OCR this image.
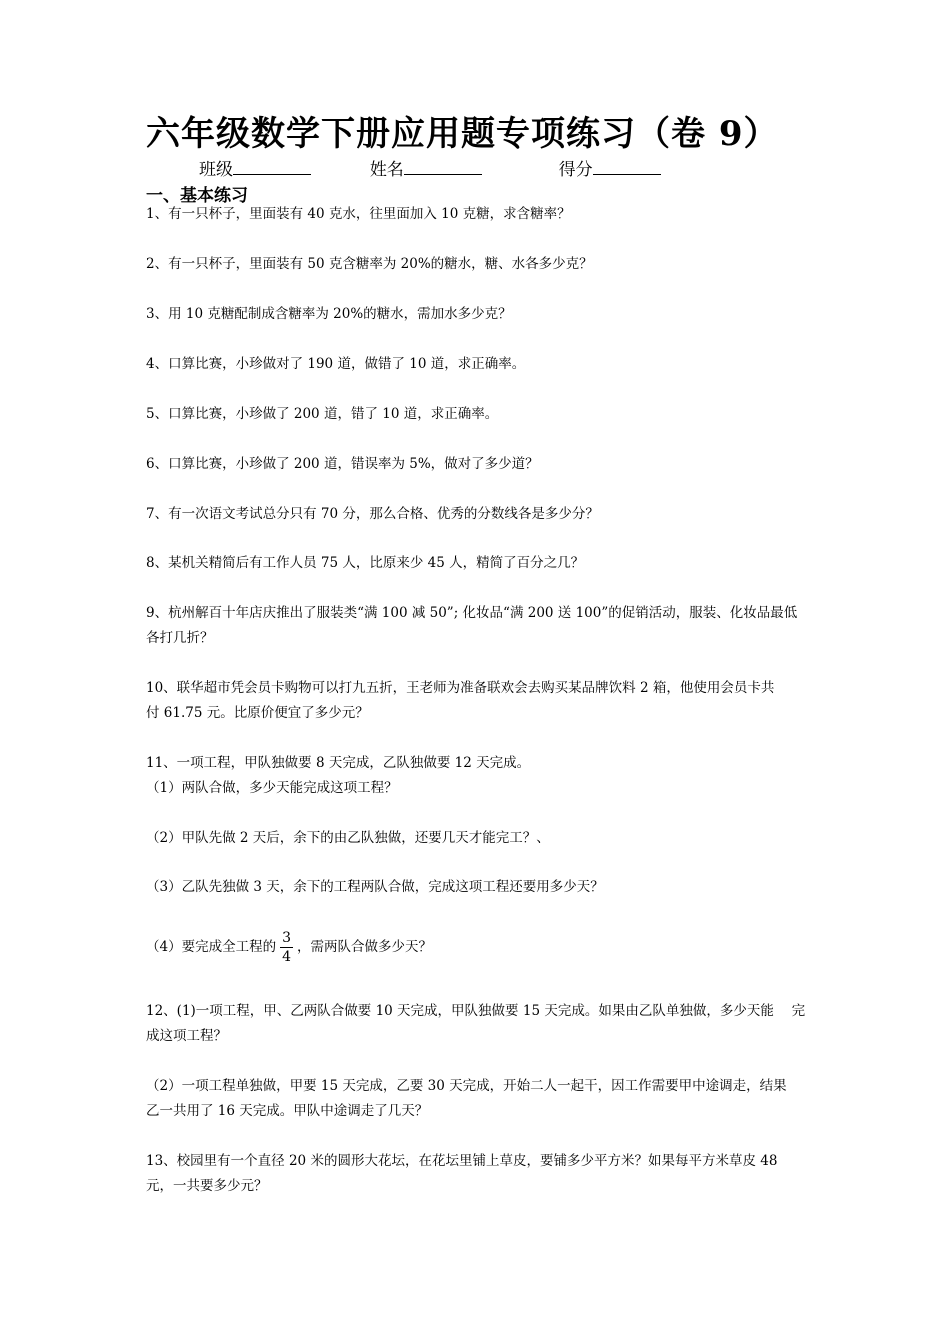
六年级数学下册应用题专项练习（卷 9）
班级	姓名	得分
一、基本练习
1、有一只杯子，里面装有 40 克水，往里面加入 10 克糖，求含糖率？
2、有一只杯子，里面装有 50 克含糖率为 20%的糖水，糖、水各多少克？
3、用 10 克糖配制成含糖率为 20%的糖水，需加水多少克？
4、口算比赛，小珍做对了 190 道，做错了 10 道，求正确率。
5、口算比赛，小珍做了 200 道，错了 10 道，求正确率。
6、口算比赛，小珍做了 200 道，错误率为 5%，做对了多少道？
7、有一次语文考试总分只有 70 分，那么合格、优秀的分数线各是多少分？
8、某机关精简后有工作人员 75 人，比原来少 45 人，精简了百分之几？
9、杭州解百十年店庆推出了服装类“满 100 减 50”; 化妆品“满 200 送 100”的促销活动，服装、化妆品最低
各打几折？
10、联华超市凭会员卡购物可以打九五折，王老师为准备联欢会去购买某品牌饮料 2 箱，他使用会员卡共
付 61.75 元。比原价便宜了多少元？
11、一项工程，甲队独做要 8 天完成，乙队独做要 12 天完成。
（1）两队合做，多少天能完成这项工程？
（2）甲队先做 2 天后，余下的由乙队独做，还要几天才能完工？、
（3）乙队先独做 3 天，余下的工程两队合做，完成这项工程还要用多少天？
（4）要完成全工程的 $\frac{3}{4}$ ，需两队合做多少天？
12、(1)一项工程，甲、乙两队合做要 10 天完成，甲队独做要 15 天完成。如果由乙队单独做，多少天能　 完
成这项工程？
（2）一项工程单独做，甲要 15 天完成，乙要 30 天完成，开始二人一起干，因工作需要甲中途调走，结果
乙一共用了 16 天完成。甲队中途调走了几天？
13、校园里有一个直径 20 米的圆形大花坛，在花坛里铺上草皮，要铺多少平方米？如果每平方米草皮 48
元，一共要多少元？
